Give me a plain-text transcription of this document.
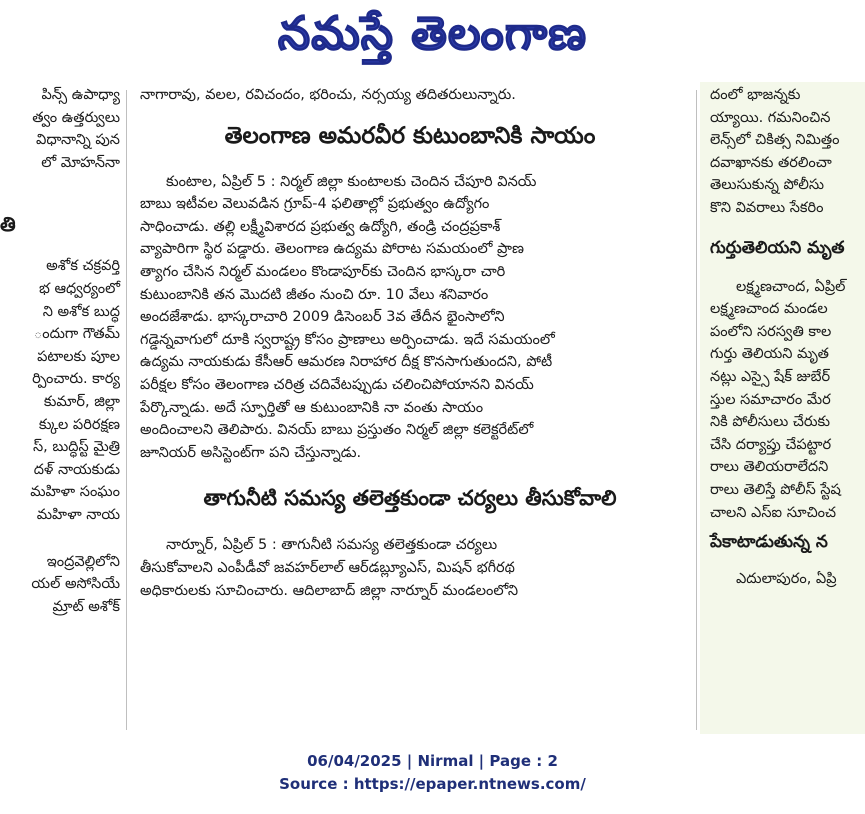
నమస్తే తెలంగాణ
పిన్స్ ఉపాధ్యా
త్వం ఉత్తర్వులు
విధానాన్ని పున
లో మోహన్‌నా
తి
అశోక చక్రవర్తి
భ ఆధ్వర్యంలో
ని అశోక బుద్ధ
ందుగా గౌతమ్
పటాలకు పూల
ర్పించారు. కార్య
కుమార్, జిల్లా
క్కుల పరిరక్షణ
స్, బుద్ధిస్ట్ మైత్రి
దళ్ నాయకుడు
మహిళా సంఘం
మహిళా నాయ
ఇంద్రవెల్లిలోని
యల్ అసోసియే
మ్రాట్ అశోక్
నాగారావు, వలల, రవిచందం, భరించు, నర్సయ్య తదితరులున్నారు.
తెలంగాణ అమరవీర కుటుంబానికి సాయం
కుంటాల, ఏప్రిల్ 5 : నిర్మల్ జిల్లా కుంటాలకు చెందిన చేపూరి వినయ్
బాబు ఇటీవల వెలువడిన గ్రూప్-4 ఫలితాల్లో ప్రభుత్వం ఉద్యోగం
సాధించాడు. తల్లి లక్ష్మీవిశారద ప్రభుత్వ ఉద్యోగి, తండ్రి చంద్రప్రకాశ్
వ్యాపారిగా స్థిర పడ్డారు. తెలంగాణ ఉద్యమ పోరాట సమయంలో ప్రాణ
త్యాగం చేసిన నిర్మల్ మండలం కొండాపూర్‌కు చెందిన భాస్కరా చారి
కుటుంబానికి తన మొదటి జీతం నుంచి రూ. 10 వేలు శనివారం
అందజేశాడు. భాస్కరాచారి 2009 డిసెంబర్ 3వ తేదీన భైంసాలోని
గడ్డెన్నవాగులో దూకి స్వరాష్ట్ర కోసం ప్రాణాలు అర్పించాడు. ఇదే సమయంలో
ఉద్యమ నాయకుడు కేసీఆర్ ఆమరణ నిరాహార దీక్ష కొనసాగుతుందని, పోటీ
పరీక్షల కోసం తెలంగాణ చరిత్ర చదివేటప్పుడు చలించిపోయానని వినయ్
పేర్కొన్నాడు. అదే స్ఫూర్తితో ఆ కుటుంబానికి నా వంతు సాయం
అందించాలని తెలిపారు. వినయ్ బాబు ప్రస్తుతం నిర్మల్ జిల్లా కలెక్టరేట్‌లో
జూనియర్ అసిస్టెంట్‌గా పని చేస్తున్నాడు.
తాగునీటి సమస్య తలెత్తకుండా చర్యలు తీసుకోవాలి
నార్నూర్, ఏప్రిల్ 5 : తాగునీటి సమస్య తలెత్తకుండా చర్యలు
తీసుకోవాలని ఎంపీడీవో జవహర్‌లాల్ ఆర్‌డబ్ల్యూఎస్, మిషన్ భగీరథ
అధికారులకు సూచించారు. ఆదిలాబాద్ జిల్లా నార్నూర్ మండలంలోని
దంలో భాజన్నకు
య్యాయి. గమనించిన
లెన్స్‌లో చికిత్స నిమిత్తం
దవాఖానకు తరలించా
తెలుసుకున్న పోలీసు
కొని వివరాలు సేకరిం
గుర్తుతెలియని మృత
లక్ష్మణచాంద, ఏప్రిల్
లక్ష్మణచాంద మండల
పంలోని సరస్వతి కాల
గుర్తు తెలియని మృత
నట్లు ఎస్సై షేక్ జుబేర్
స్తుల సమాచారం మేర
నికి పోలీసులు చేరుకు
చేసి దర్యాప్తు చేపట్టార
రాలు తెలియరాలేదని
రాలు తెలిస్తే పోలీస్ స్టేష
చాలని ఎస్ఐ సూచించ
పేకాటాడుతున్న న
ఎదులాపురం, ఏప్రి
06/04/2025 | Nirmal | Page : 2
Source : https://epaper.ntnews.com/
